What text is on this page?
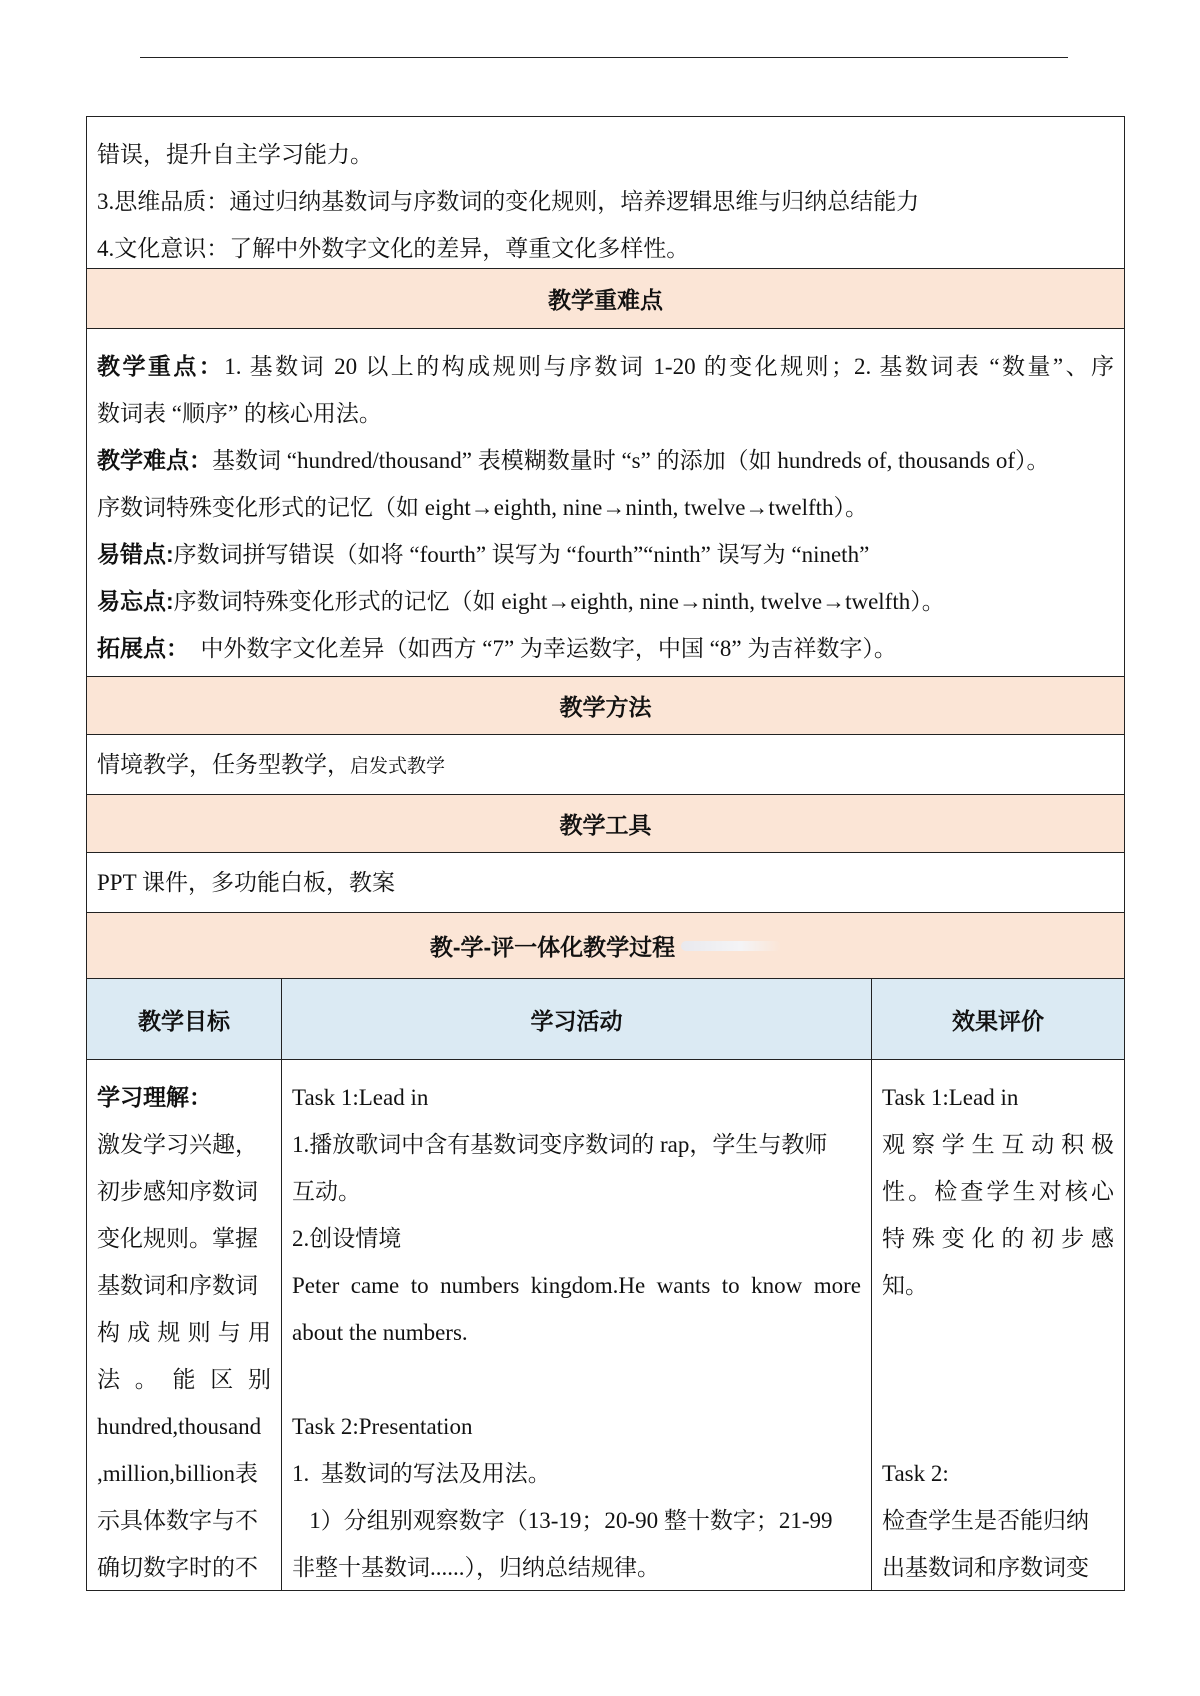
错误，提升自主学习能力。
3.思维品质：通过归纳基数词与序数词的变化规则，培养逻辑思维与归纳总结能力
4.文化意识：了解中外数字文化的差异，尊重文化多样性。
教学重难点
教学重点：1. 基数词 20 以上的构成规则与序数词 1-20 的变化规则；2. 基数词表 “数量”、序
数词表 “顺序” 的核心用法。
教学难点：基数词 “hundred/thousand” 表模糊数量时 “s” 的添加（如 hundreds of, thousands of）。
序数词特殊变化形式的记忆（如 eight→eighth, nine→ninth, twelve→twelfth）。
易错点:序数词拼写错误（如将 “fourth” 误写为 “fourth”“ninth” 误写为 “nineth”
易忘点:序数词特殊变化形式的记忆（如 eight→eighth, nine→ninth, twelve→twelfth）。
拓展点： 中外数字文化差异（如西方 “7” 为幸运数字，中国 “8” 为吉祥数字）。
教学方法
情境教学，任务型教学，启发式教学
教学工具
PPT 课件，多功能白板，教案
教-学-评一体化教学过程
教学目标
学习理解：
激发学习兴趣，
初步感知序数词
变化规则。掌握
基数词和序数词
构成规则与用
法。能区别
hundred,thousand
,million,billion表
示具体数字与不
确切数字时的不
学习活动
Task 1:Lead in
1.播放歌词中含有基数词变序数词的 rap，学生与教师
互动。
2.创设情境
Peter came to numbers kingdom.He wants to know more
about the numbers.
Task 2:Presentation
1.  基数词的写法及用法。
1）分组别观察数字（13-19；20-90 整十数字；21-99
非整十基数词......），归纳总结规律。
效果评价
Task 1:Lead in
观察学生互动积极
性。检查学生对核心
特殊变化的初步感
知。
Task 2:
检查学生是否能归纳
出基数词和序数词变
